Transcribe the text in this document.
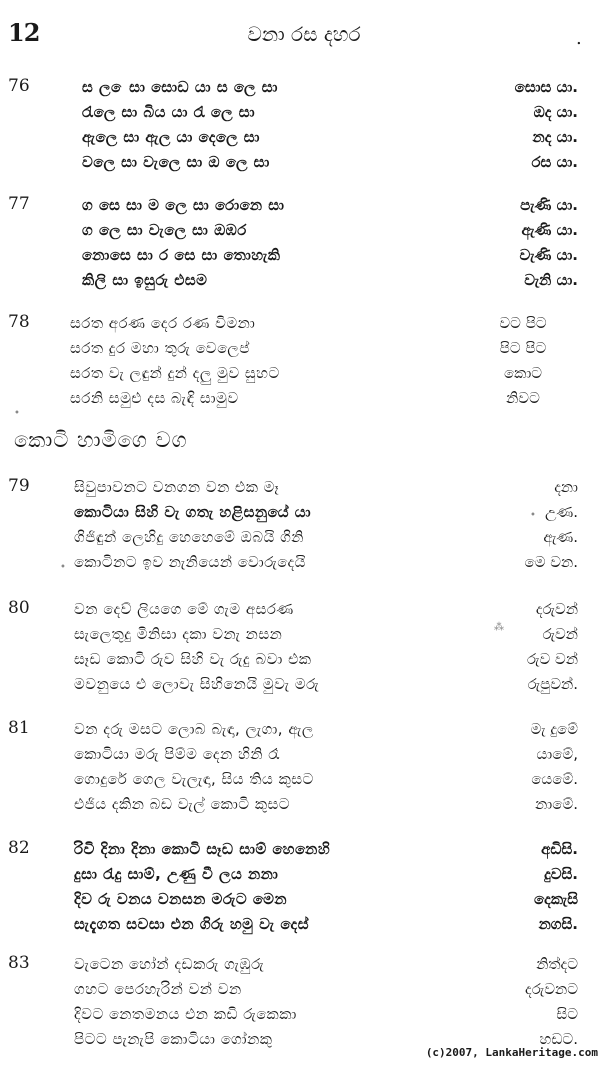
12	වනා රස දහර	.
76	ස ල ෙසා සොඩ යා ස ලෙ සා	සොස යා.
රැලෙ සා බිය යා රැ ලෙ සා	ඔද යා.
ඇලෙ සා ඇල යා දෙලෙ සා	නද යා.
වලෙ සා වැලෙ සා ඔ ලෙ සා	රස යා.
77	ග සෙ සා ම ලෙ සා රොනෙ සා	පැණි යා.
ග ලෙ සා වැලෙ සා ඔඹර	ඇණි යා.
නොසෙ සා ර සෙ සා තොහැකි	වැණි යා.
කිලි සා ඉසුරු එසම	වැනි යා.
78	සරත අරණ දෙර රණ විමනා	වට පිට
සරත දුර මහා තුරු වෙලෙප්	පිට පිට
සරත වැ ලඳුන් දුන් දලු මුව සුහට	කොට
සරනි සමුළු දස බැඳි සාමුව	නිවට
කොටි හාමිගෙ වග
79	සිවුපාවනට වනගන වන එක මෑ	දනා
කොටියා සිහි වැ ගතැ හළිසනුයේ යා	උණ.
ගිජිඳුන් ලෙහිදු හෙහෙමේ ඔබයි ගිනි	ඇණ.
කොටිනට ඉව නැනියෙන් වොරුදෙයි	මෙ වන.
80	වන දෙව් ලියගෙ මේ ගැම අසරණ	දරුවන්
සැලෙතුදු මිනිසා දකා වනැ නසන	රුවන්
සෑඩ කොටි රුව සිහි වැ රුදු බවා එක	රුව වන්
මවනුයෙ එ ලොවැ සිහිනෙයි මුවැ මරු	රුපුවන්.
81	වන දරු මසට ලොබ බැඳා, ලැගා, ඇල	මැ දුමේ
කොටියා මරු පිම්ම දෙන හිනි රෑ	යාමේ,
ගොදුරේ ගෙල වැලැඳා, සිය තිය කුසට	යෙමේ.
එජිය දකින බඩ වැල් කොටි කුසට	නාමේ.
82	රිවි දිනා දිනා කොටි සෑඩ සාම් හෙනෙහි	අඩිසි.
දුසා රැදු සාම්, උණු වී ලය නනා	දුවසි.
දිව රු වනය වනසන මරුට මෙන	දෙකැසි
සැදැගත සවසා එන ගිරු හමු වැ දෙස්	නගසි.
83	වැටෙන හෝන් දඩකරු ගැඹුරු	නිත්දට
ගහට පෙරහැරින් වන් වන	දරුවනට
දිවට නෙතමනය එන කඩි රුකෙකා	සිට
පිටට පැනැපි කොටියා ගෝනකු	හඩට.
•
•
⁂
•
(c)2007, LankaHeritage.com
